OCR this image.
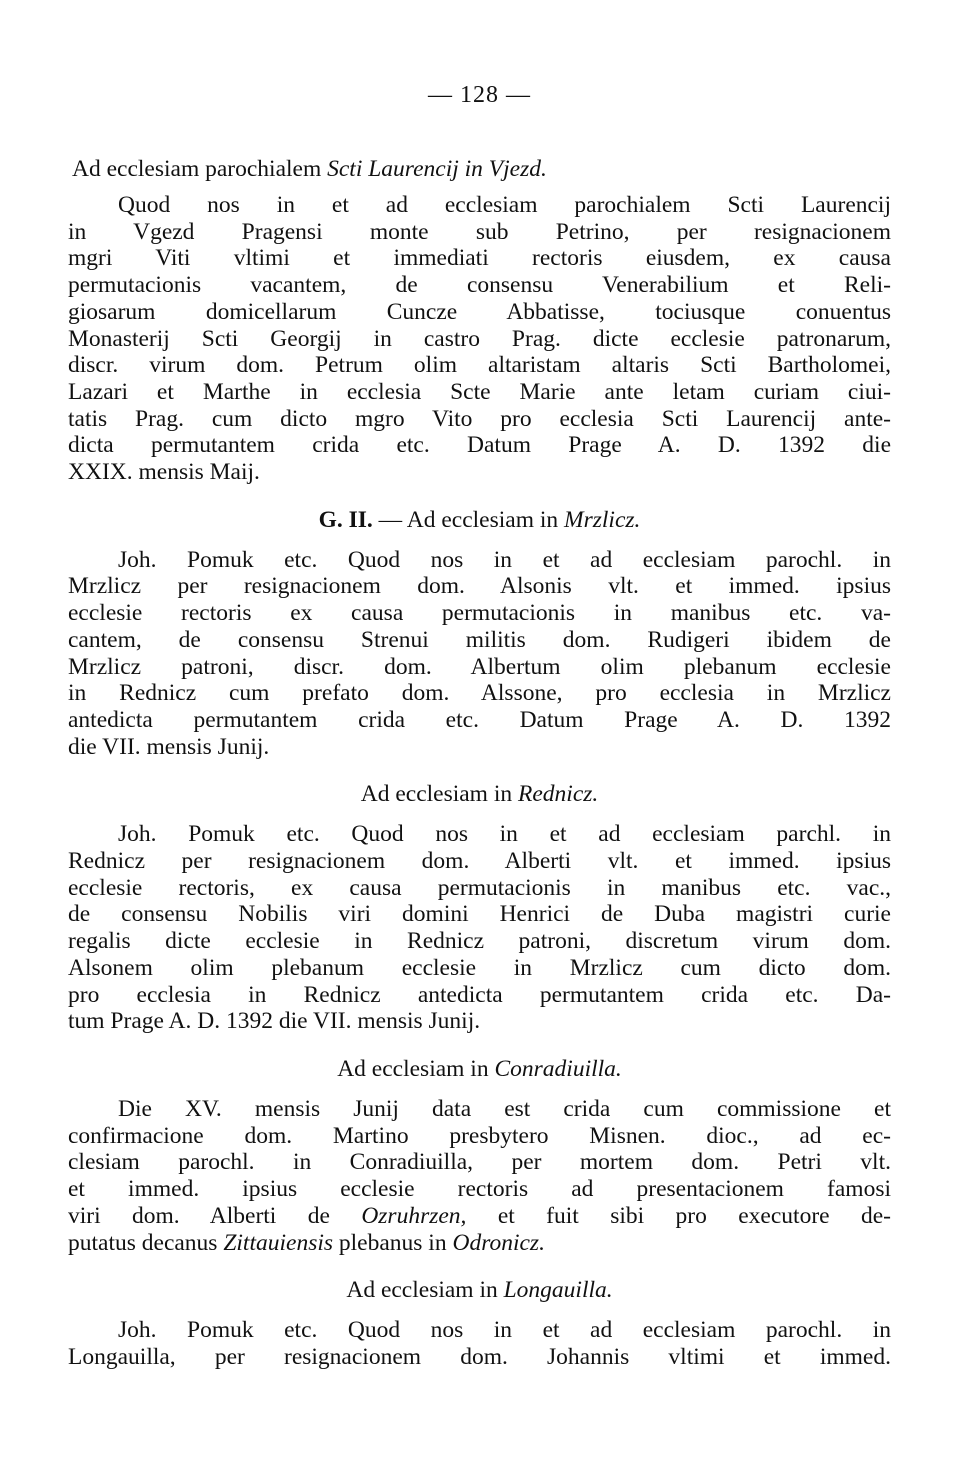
— 128 —
Ad ecclesiam parochialem Scti Laurencij in Vjezd.
Quod nos in et ad ecclesiam parochialem Scti Laurencij
in Vgezd Pragensi monte sub Petrino, per resignacionem
mgri Viti vltimi et immediati rectoris eiusdem, ex causa
permutacionis vacantem, de consensu Venerabilium et Reli-
giosarum domicellarum Cuncze Abbatisse, tociusque conuentus
Monasterij Scti Georgij in castro Prag. dicte ecclesie patronarum,
discr. virum dom. Petrum olim altaristam altaris Scti Bartholomei,
Lazari et Marthe in ecclesia Scte Marie ante letam curiam ciui-
tatis Prag. cum dicto mgro Vito pro ecclesia Scti Laurencij ante-
dicta permutantem crida etc. Datum Prage A. D. 1392 die
XXIX. mensis Maij.
G. II. — Ad ecclesiam in Mrzlicz.
Joh. Pomuk etc. Quod nos in et ad ecclesiam parochl. in
Mrzlicz per resignacionem dom. Alsonis vlt. et immed. ipsius
ecclesie rectoris ex causa permutacionis in manibus etc. va-
cantem, de consensu Strenui militis dom. Rudigeri ibidem de
Mrzlicz patroni, discr. dom. Albertum olim plebanum ecclesie
in Rednicz cum prefato dom. Alssone, pro ecclesia in Mrzlicz
antedicta permutantem crida etc. Datum Prage A. D. 1392
die VII. mensis Junij.
Ad ecclesiam in Rednicz.
Joh. Pomuk etc. Quod nos in et ad ecclesiam parchl. in
Rednicz per resignacionem dom. Alberti vlt. et immed. ipsius
ecclesie rectoris, ex causa permutacionis in manibus etc. vac.,
de consensu Nobilis viri domini Henrici de Duba magistri curie
regalis dicte ecclesie in Rednicz patroni, discretum virum dom.
Alsonem olim plebanum ecclesie in Mrzlicz cum dicto dom.
pro ecclesia in Rednicz antedicta permutantem crida etc. Da-
tum Prage A. D. 1392 die VII. mensis Junij.
Ad ecclesiam in Conradiuilla.
Die XV. mensis Junij data est crida cum commissione et
confirmacione dom. Martino presbytero Misnen. dioc., ad ec-
clesiam parochl. in Conradiuilla, per mortem dom. Petri vlt.
et immed. ipsius ecclesie rectoris ad presentacionem famosi
viri dom. Alberti de Ozruhrzen, et fuit sibi pro executore de-
putatus decanus Zittauiensis plebanus in Odronicz.
Ad ecclesiam in Longauilla.
Joh. Pomuk etc. Quod nos in et ad ecclesiam parochl. in
Longauilla, per resignacionem dom. Johannis vltimi et immed.
